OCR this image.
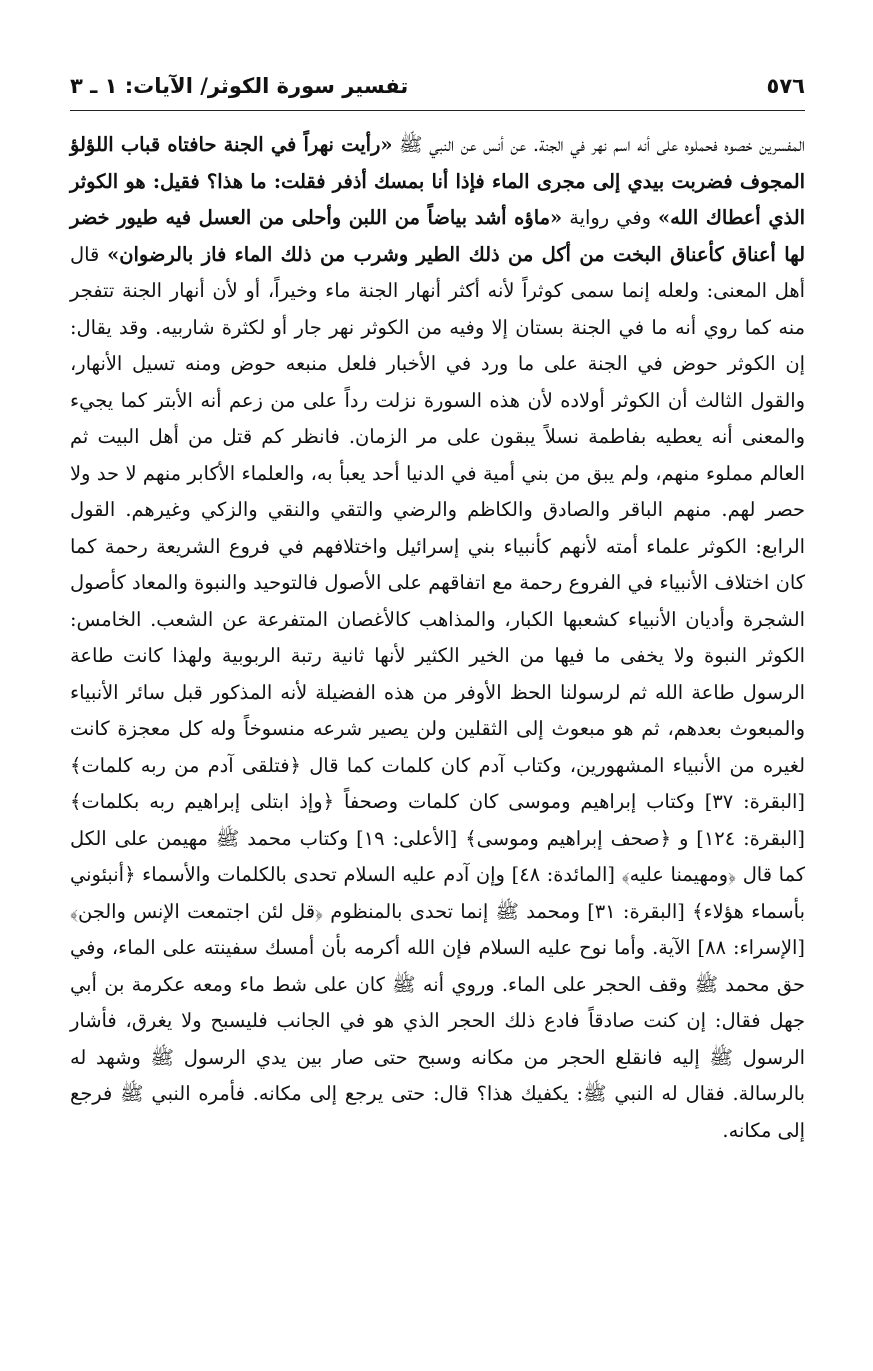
٥٧٦
تفسير سورة الكوثر/ الآيات: ١ ـ ٣

المفسرين خصوه فحملوه على أنه اسم نهر في الجنة. عن أنس عن النبي ﷺ «رأيت نهراً في الجنة حافتاه قباب اللؤلؤ المجوف فضربت بيدي إلى مجرى الماء فإذا أنا بمسك أذفر فقلت: ما هذا؟ فقيل: هو الكوثر الذي أعطاك الله» وفي رواية «ماؤه أشد بياضاً من اللبن وأحلى من العسل فيه طيور خضر لها أعناق كأعناق البخت من أكل من ذلك الطير وشرب من ذلك الماء فاز بالرضوان» قال أهل المعنى: ولعله إنما سمى كوثراً لأنه أكثر أنهار الجنة ماء وخيراً، أو لأن أنهار الجنة تتفجر منه كما روي أنه ما في الجنة بستان إلا وفيه من الكوثر نهر جار أو لكثرة شاربيه. وقد يقال: إن الكوثر حوض في الجنة على ما ورد في الأخبار فلعل منبعه حوض ومنه تسيل الأنهار، والقول الثالث أن الكوثر أولاده لأن هذه السورة نزلت رداً على من زعم أنه الأبتر كما يجيء والمعنى أنه يعطيه بفاطمة نسلاً يبقون على مر الزمان. فانظر كم قتل من أهل البيت ثم العالم مملوء منهم، ولم يبق من بني أمية في الدنيا أحد يعبأ به، والعلماء الأكابر منهم لا حد ولا حصر لهم. منهم الباقر والصادق والكاظم والرضي والتقي والنقي والزكي وغيرهم. القول الرابع: الكوثر علماء أمته لأنهم كأنبياء بني إسرائيل واختلافهم في فروع الشريعة رحمة كما كان اختلاف الأنبياء في الفروع رحمة مع اتفاقهم على الأصول فالتوحيد والنبوة والمعاد كأصول الشجرة وأديان الأنبياء كشعبها الكبار، والمذاهب كالأغصان المتفرعة عن الشعب. الخامس: الكوثر النبوة ولا يخفى ما فيها من الخير الكثير لأنها ثانية رتبة الربوبية ولهذا كانت طاعة الرسول طاعة الله ثم لرسولنا الحظ الأوفر من هذه الفضيلة لأنه المذكور قبل سائر الأنبياء والمبعوث بعدهم، ثم هو مبعوث إلى الثقلين ولن يصير شرعه منسوخاً وله كل معجزة كانت لغيره من الأنبياء المشهورين، وكتاب آدم كان كلمات كما قال ﴿فتلقى آدم من ربه كلمات﴾ [البقرة: ٣٧] وكتاب إبراهيم وموسى كان كلمات وصحفاً ﴿وإذ ابتلى إبراهيم ربه بكلمات﴾ [البقرة: ١٢٤] و ﴿صحف إبراهيم وموسى﴾ [الأعلى: ١٩] وكتاب محمد ﷺ مهيمن على الكل كما قال ﴿ومهيمنا عليه﴾ [المائدة: ٤٨] وإن آدم عليه السلام تحدى بالكلمات والأسماء ﴿أنبئوني بأسماء هؤلاء﴾ [البقرة: ٣١] ومحمد ﷺ إنما تحدى بالمنظوم ﴿قل لئن اجتمعت الإنس والجن﴾ [الإسراء: ٨٨] الآية. وأما نوح عليه السلام فإن الله أكرمه بأن أمسك سفينته على الماء، وفي حق محمد ﷺ وقف الحجر على الماء. وروي أنه ﷺ كان على شط ماء ومعه عكرمة بن أبي جهل فقال: إن كنت صادقاً فادع ذلك الحجر الذي هو في الجانب فليسبح ولا يغرق، فأشار الرسول ﷺ إليه فانقلع الحجر من مكانه وسبح حتى صار بين يدي الرسول ﷺ وشهد له بالرسالة. فقال له النبي ﷺ: يكفيك هذا؟ قال: حتى يرجع إلى مكانه. فأمره النبي ﷺ فرجع إلى مكانه.
